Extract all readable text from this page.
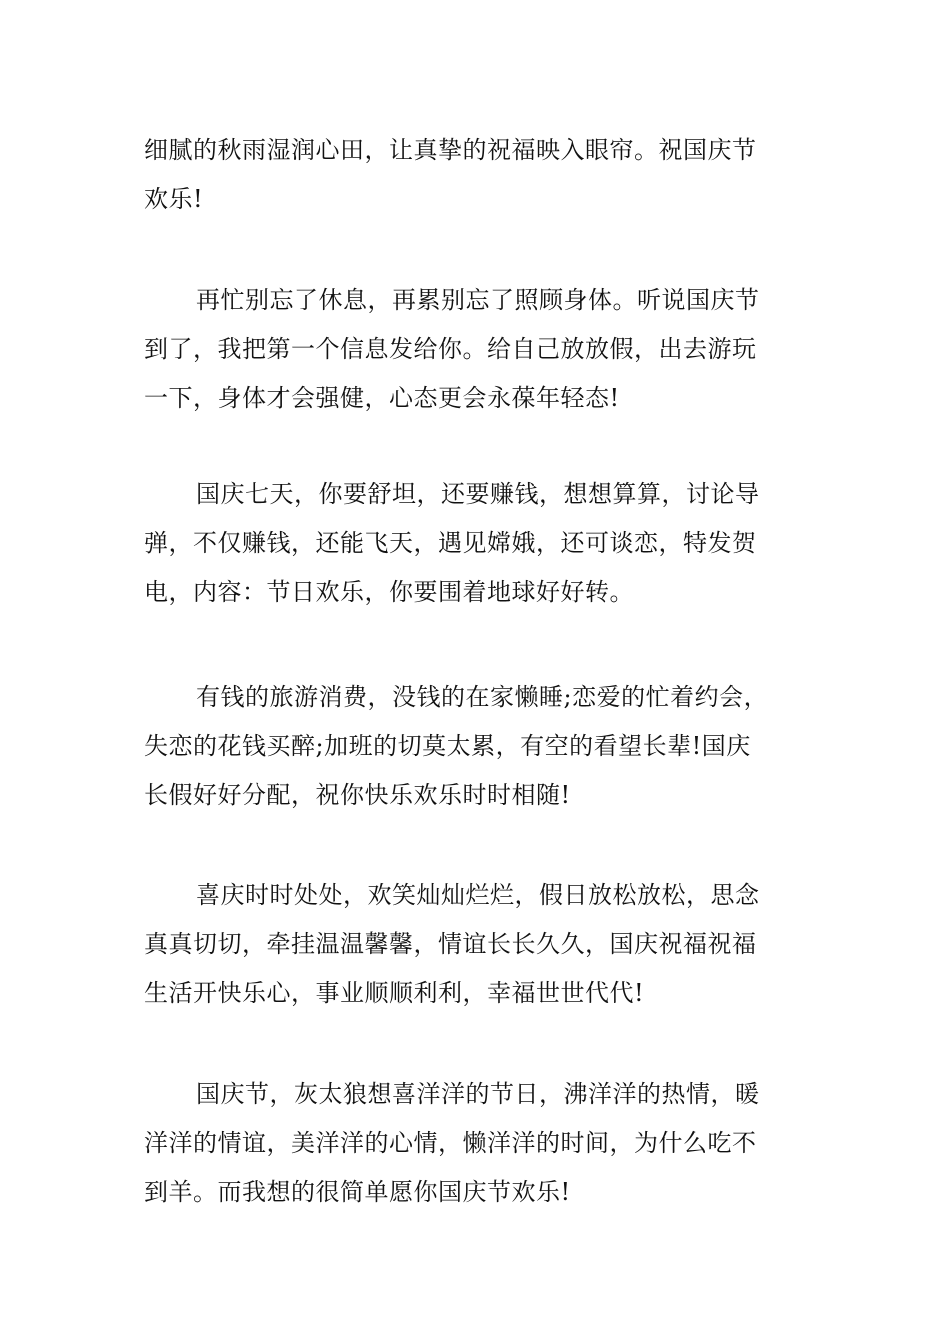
细腻的秋雨湿润心田，让真挚的祝福映入眼帘。祝国庆节
欢乐!
再忙别忘了休息，再累别忘了照顾身体。听说国庆节
到了，我把第一个信息发给你。给自己放放假，出去游玩
一下，身体才会强健，心态更会永葆年轻态!
国庆七天，你要舒坦，还要赚钱，想想算算，讨论导
弹，不仅赚钱，还能飞天，遇见嫦娥，还可谈恋，特发贺
电，内容：节日欢乐，你要围着地球好好转。
有钱的旅游消费，没钱的在家懒睡;恋爱的忙着约会，
失恋的花钱买醉;加班的切莫太累，有空的看望长辈!国庆
长假好好分配，祝你快乐欢乐时时相随!
喜庆时时处处，欢笑灿灿烂烂，假日放松放松，思念
真真切切，牵挂温温馨馨，情谊长长久久，国庆祝福祝福
生活开快乐心，事业顺顺利利，幸福世世代代!
国庆节，灰太狼想喜洋洋的节日，沸洋洋的热情，暖
洋洋的情谊，美洋洋的心情，懒洋洋的时间，为什么吃不
到羊。而我想的很简单愿你国庆节欢乐!
